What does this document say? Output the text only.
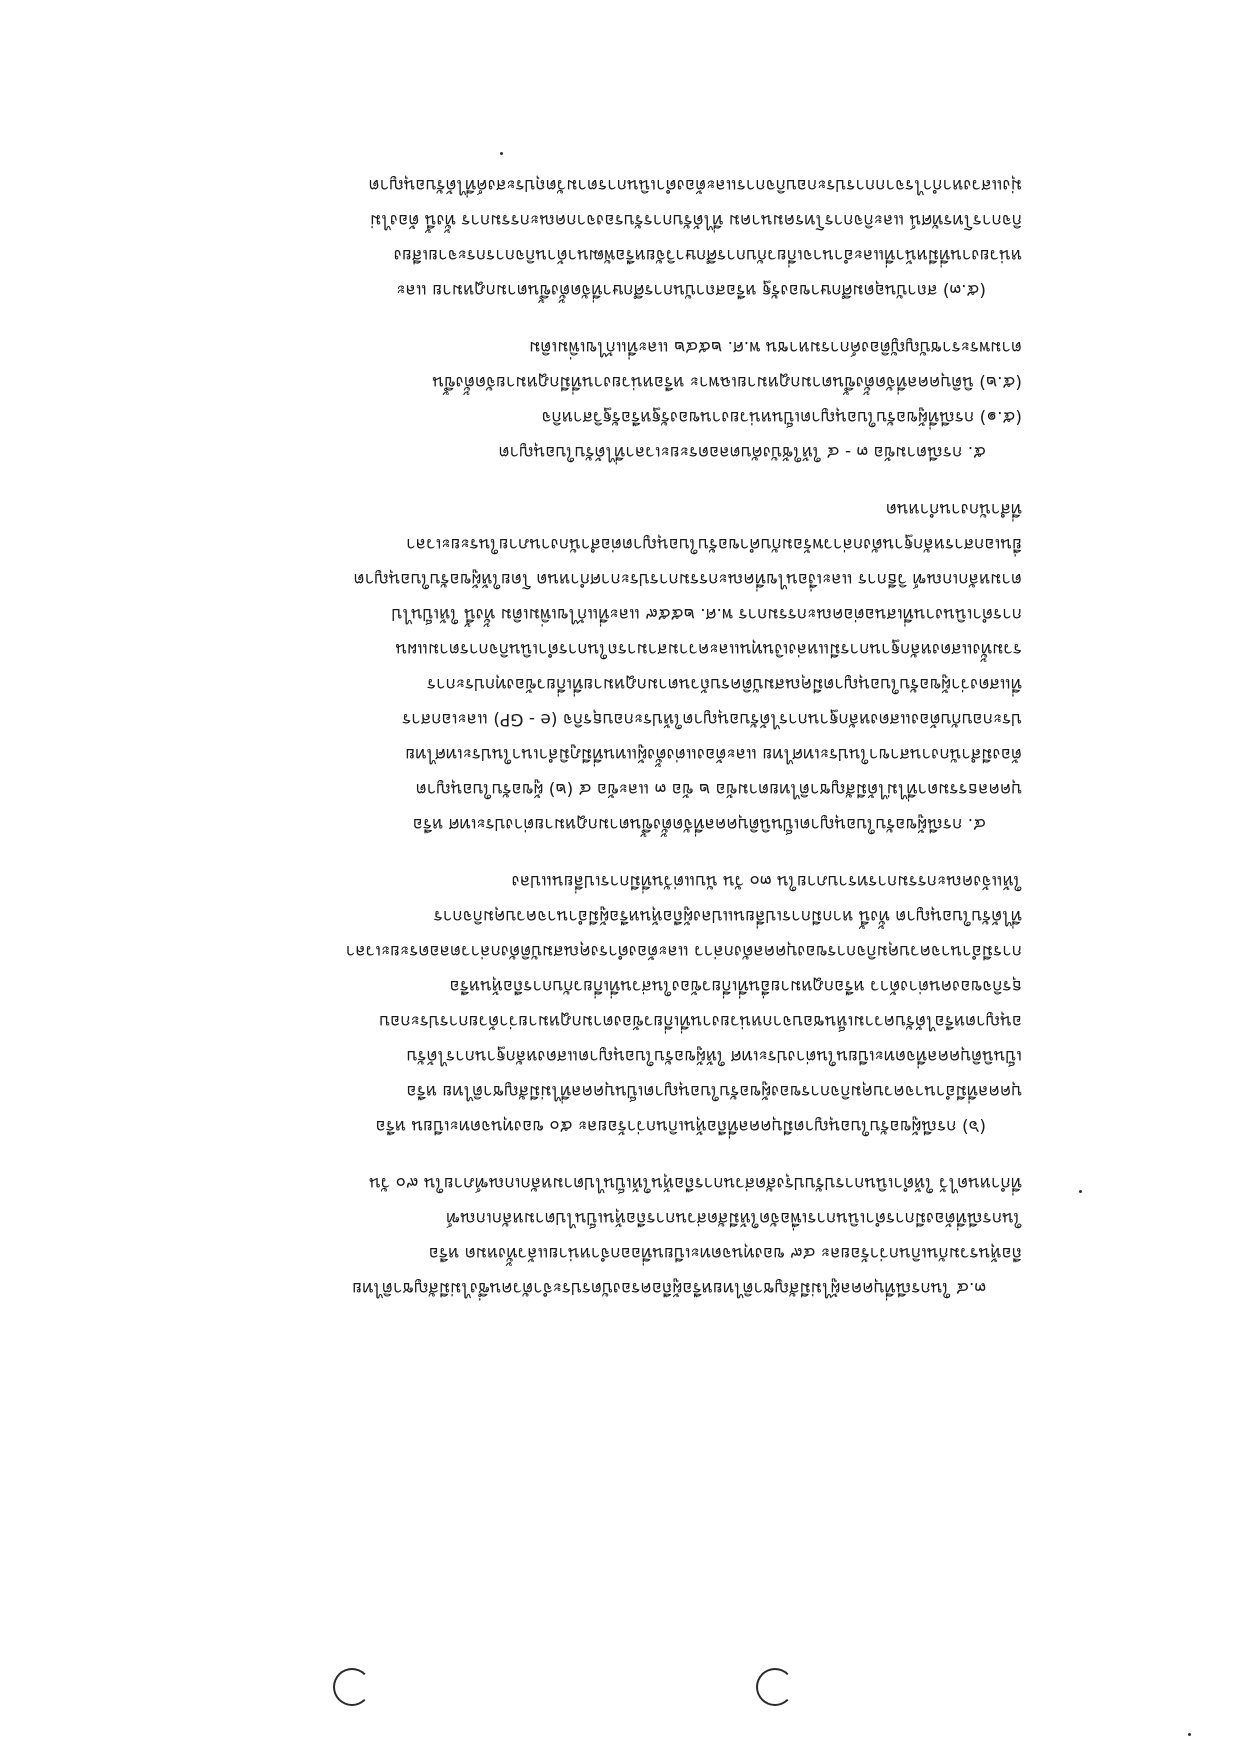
๓.๔ ในกรณีที่บุคคลผู้ไม่มีสัญชาติไทยหรือผู้ถือครองบัตรประจำตัวคนซึ่งไม่มีสัญชาติไทย
ถือหุ้นรวมกันเกินกว่าร้อยละ ๔๙ ของทุนจดทะเบียนที่ออกจำหน่ายแล้วทั้งหมด หรือ
ในกรณีที่ต้องมีการดำเนินการเพื่อจัดให้มีสัดส่วนการถือหุ้นเป็นไปตามหลักเกณฑ์
ที่กำหนดไว้ ให้ดำเนินการปรับปรุงสัดส่วนการถือหุ้นให้เป็นไปตามหลักเกณฑ์ภายใน ๙๐ วัน
(๖) กรณีผู้ขอรับใบอนุญาตมีบุคคลที่ถือหุ้นเกินกว่าร้อยละ ๕๐ ของทุนจดทะเบียน หรือ
บุคคลที่มีอำนาจควบคุมกิจการของผู้ขอรับใบอนุญาตเป็นบุคคลที่ไม่มีสัญชาติไทย หรือ
เป็นนิติบุคคลที่จดทะเบียนในต่างประเทศ ให้ผู้ขอรับใบอนุญาตแสดงหลักฐานการได้รับ
อนุญาตหรือได้รับความเห็นชอบจากหน่วยงานที่เกี่ยวข้องตามกฎหมายว่าด้วยการประกอบ
ธุรกิจของคนต่างด้าว หรือกฎหมายอื่นที่เกี่ยวข้องในส่วนที่เกี่ยวกับการถือหุ้นหรือ
การมีอำนาจควบคุมกิจการของบุคคลดังกล่าว และต้องดำรงคุณสมบัติดังกล่าวตลอดระยะเวลา
ที่ได้รับใบอนุญาต ทั้งนี้ หากมีการเปลี่ยนแปลงผู้ถือหุ้นหรือผู้มีอำนาจควบคุมกิจการ
ให้แจ้งคณะกรรมการทราบภายใน ๓๐ วัน นับแต่วันที่มีการเปลี่ยนแปลง
๔. กรณีผู้ขอรับใบอนุญาตเป็นนิติบุคคลที่จัดตั้งขึ้นตามกฎหมายต่างประเทศ หรือ
บุคคลธรรมดาที่ไม่ได้มีสัญชาติไทยตามข้อ ๒ ข้อ ๓ และข้อ ๔ (๒) ผู้ขอรับใบอนุญาต
ต้องมีสำนักงานสาขาในประเทศไทย และต้องแต่งตั้งผู้แทนที่มีภูมิลำเนาในประเทศไทย
ประกอบกับต้องแสดงหลักฐานการได้รับอนุญาตให้ประกอบธุรกิจ (e - GP) และเอกสาร
ที่แสดงว่าผู้ขอรับใบอนุญาตมีคุณสมบัติครบถ้วนตามกฎหมายที่เกี่ยวข้องทุกประการ
รวมทั้งแสดงหลักฐานการมีแหล่งเงินทุนและความสามารถในการดำเนินกิจการตามแผน
การดำเนินงานที่เสนอต่อคณะกรรมการ พ.ศ. ๒๕๕๙ และที่แก้ไขเพิ่มเติม ทั้งนี้ ให้เป็นไป
ตามหลักเกณฑ์ วิธีการ และเงื่อนไขที่คณะกรรมการประกาศกำหนด โดยให้ผู้ขอรับใบอนุญาต
ยื่นเอกสารหลักฐานดังกล่าวพร้อมกับคำขอรับใบอนุญาตต่อสำนักงานภายในระยะเวลา
ที่สำนักงานกำหนด
๕. กรณีตามข้อ ๓ - ๔ ให้ใช้บังคับตลอดระยะเวลาที่ได้รับใบอนุญาต
(๕.๑) กรณีที่ผู้ขอรับใบอนุญาตเป็นหน่วยงานของรัฐหรือรัฐวิสาหกิจ
(๕.๒) นิติบุคคลที่จัดตั้งขึ้นตามกฎหมายเฉพาะ หรือหน่วยงานที่มีกฎหมายจัดตั้งขึ้น
ตามพระราชบัญญัติองค์การมหาชน พ.ศ. ๒๕๔๒ และที่แก้ไขเพิ่มเติม
(๕.๓) สถาบันอุดมศึกษาของรัฐ หรือสถาบันการศึกษาที่จัดตั้งขึ้นตามกฎหมาย และ
หน่วยงานที่มีหน้าที่และอำนาจเกี่ยวกับการศึกษาวิจัยหรือพัฒนาด้านกิจการกระจายเสียง
กิจการโทรทัศน์ และกิจการโทรคมนาคม ที่ได้รับการรับรองจากคณะกรรมการ ทั้งนี้ ต้องไม่
มุ่งแสวงหากำไรจากการประกอบกิจการและต้องดำเนินการตามวัตถุประสงค์ที่ได้รับอนุญาต
